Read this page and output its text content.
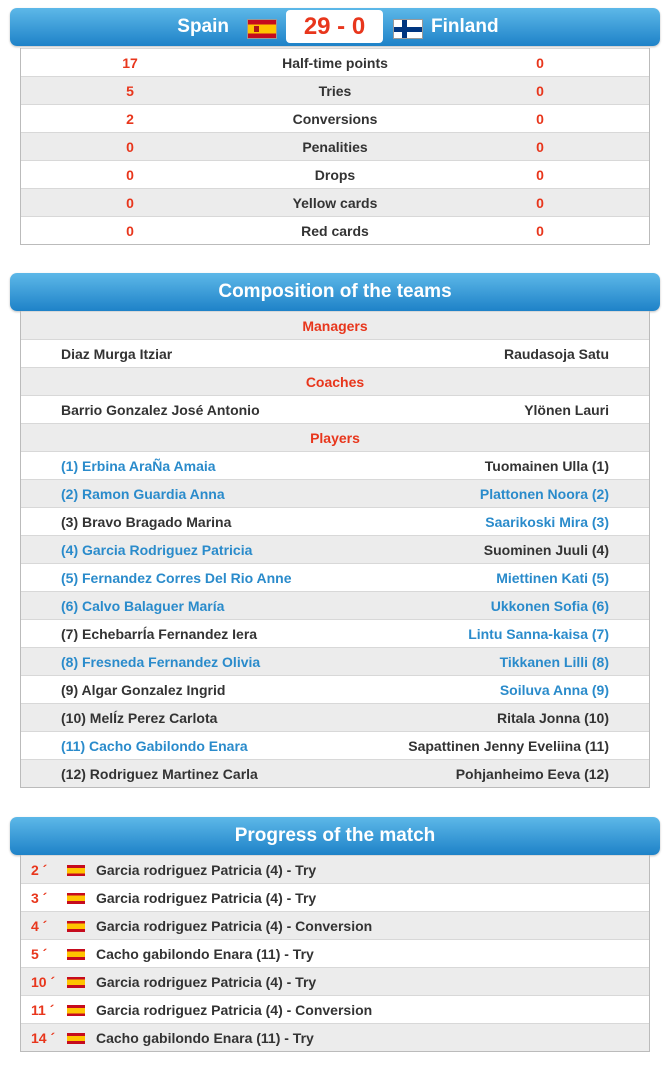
Spain	29 - 0	Finland
17	Half-time points	0
5	Tries	0
2	Conversions	0
0	Penalities	0
0	Drops	0
0	Yellow cards	0
0	Red cards	0
Composition of the teams
Managers
Diaz Murga Itziar	Raudasoja Satu
Coaches
Barrio Gonzalez José Antonio	Ylönen Lauri
Players
(1) Erbina AraÑa Amaia	Tuomainen Ulla (1)
(2) Ramon Guardia Anna	Plattonen Noora (2)
(3) Bravo Bragado Marina	Saarikoski Mira (3)
(4) Garcia Rodriguez Patricia	Suominen Juuli (4)
(5) Fernandez Corres Del Rio Anne	Miettinen Kati (5)
(6) Calvo Balaguer María	Ukkonen Sofia (6)
(7) EchebarrÍa Fernandez Iera	Lintu Sanna-kaisa (7)
(8) Fresneda Fernandez Olivia	Tikkanen Lilli (8)
(9) Algar Gonzalez Ingrid	Soiluva Anna (9)
(10) MelÍz Perez Carlota	Ritala Jonna (10)
(11) Cacho Gabilondo Enara	Sapattinen Jenny Eveliina (11)
(12) Rodriguez Martinez Carla	Pohjanheimo Eeva (12)
Progress of the match
2 ´	Garcia rodriguez Patricia (4) - Try
3 ´	Garcia rodriguez Patricia (4) - Try
4 ´	Garcia rodriguez Patricia (4) - Conversion
5 ´	Cacho gabilondo Enara (11) - Try
10 ´	Garcia rodriguez Patricia (4) - Try
11 ´	Garcia rodriguez Patricia (4) - Conversion
14 ´	Cacho gabilondo Enara (11) - Try
